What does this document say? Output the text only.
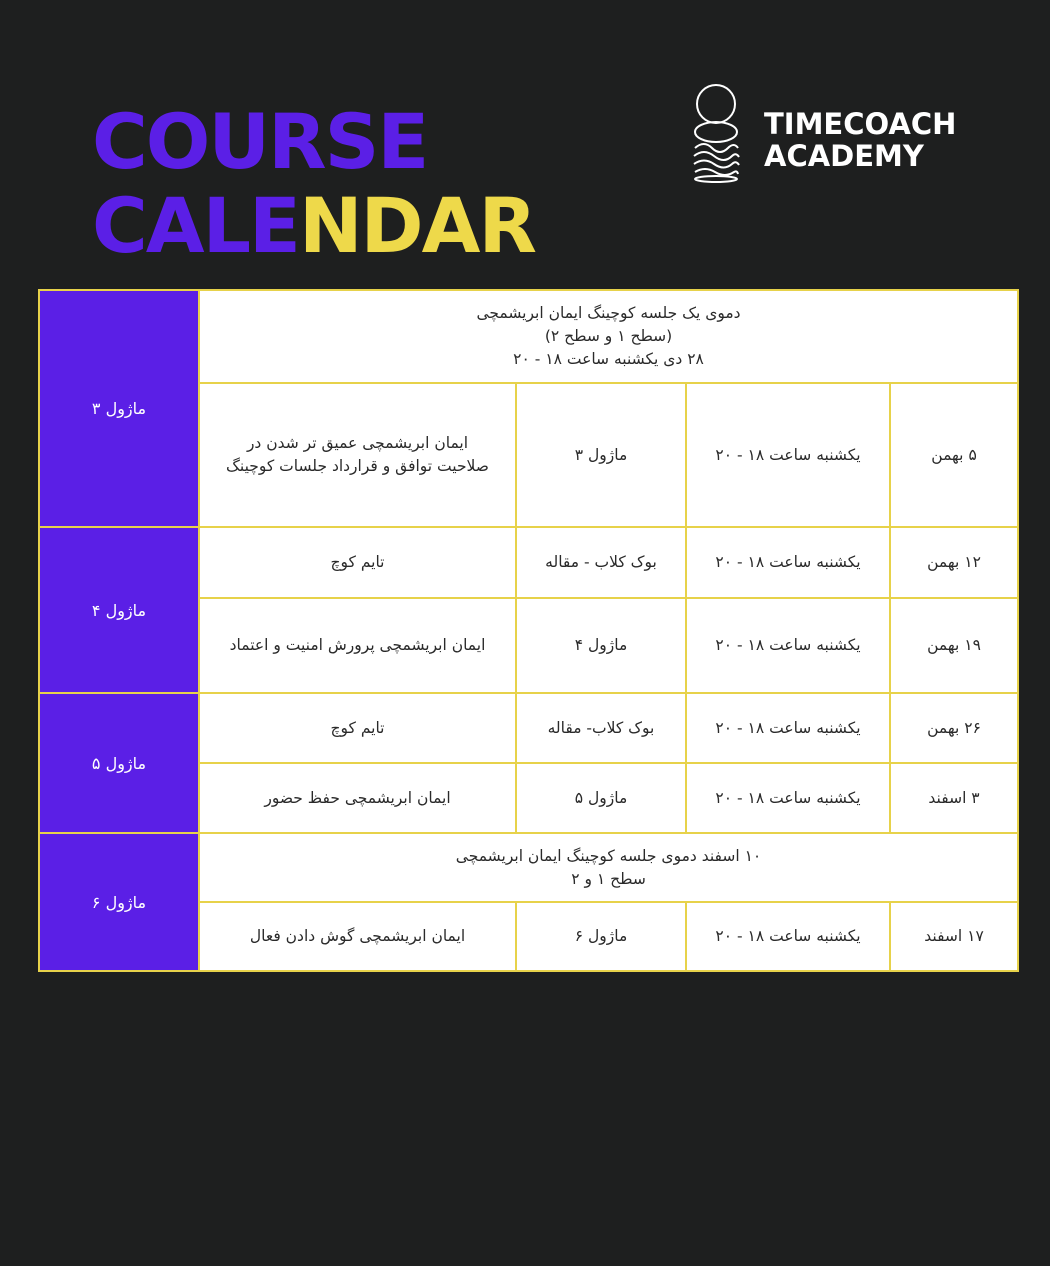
COURSE
CALENDAR
TIMECOACH
ACADEMY
ماژول ۳	دموی یک جلسه کوچینگ ایمان ابریشمچی
(سطح ۱ و سطح ۲)
۲۸ دی یکشنبه ساعت ۱۸ - ۲۰			

	ایمان ابریشمچی عمیق تر شدن در
صلاحیت توافق و قرارداد جلسات کوچینگ	ماژول ۳	یکشنبه ساعت ۱۸ - ۲۰	۵ بهمن
ماژول ۴	تایم کوچ	بوک کلاب - مقاله	یکشنبه ساعت ۱۸ - ۲۰	۱۲ بهمن
	ایمان ابریشمچی پرورش امنیت و اعتماد	ماژول ۴	یکشنبه ساعت ۱۸ - ۲۰	۱۹ بهمن
ماژول ۵	تایم کوچ	بوک کلاب- مقاله	یکشنبه ساعت ۱۸ - ۲۰	۲۶ بهمن
	ایمان ابریشمچی حفظ حضور	ماژول ۵	یکشنبه ساعت ۱۸ - ۲۰	۳ اسفند
ماژول ۶	۱۰ اسفند دموی جلسه کوچینگ ایمان ابریشمچی
سطح ۱ و ۲			

	ایمان ابریشمچی گوش دادن فعال	ماژول ۶	یکشنبه ساعت ۱۸ - ۲۰	۱۷ اسفند
